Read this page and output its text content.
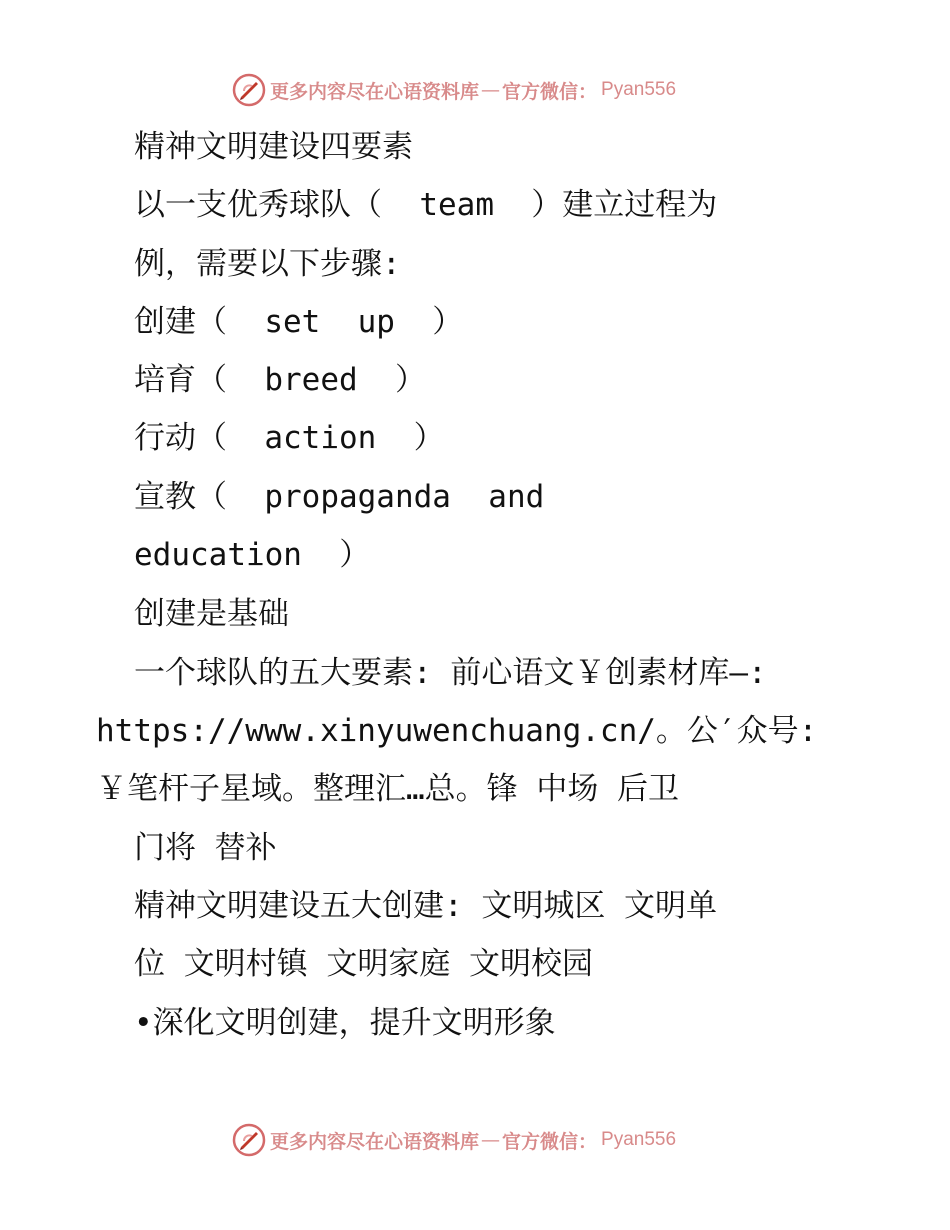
更多内容尽在心语资料库 — 官方微信： Pyan556
精神文明建设四要素
以一支优秀球队（  team  ）建立过程为
例，需要以下步骤:
创建（  set  up  ）
培育（  breed  ）
行动（  action  ）
宣教（  propaganda  and
education  ）
创建是基础
一个球队的五大要素: 前心语文￥创素材库—:
https://www.xinyuwenchuang.cn/。公′众号:
￥笔杆子星域。整理汇…总。锋 中场 后卫
门将 替补
精神文明建设五大创建: 文明城区 文明单
位 文明村镇 文明家庭 文明校园
•深化文明创建，提升文明形象
更多内容尽在心语资料库 — 官方微信： Pyan556
